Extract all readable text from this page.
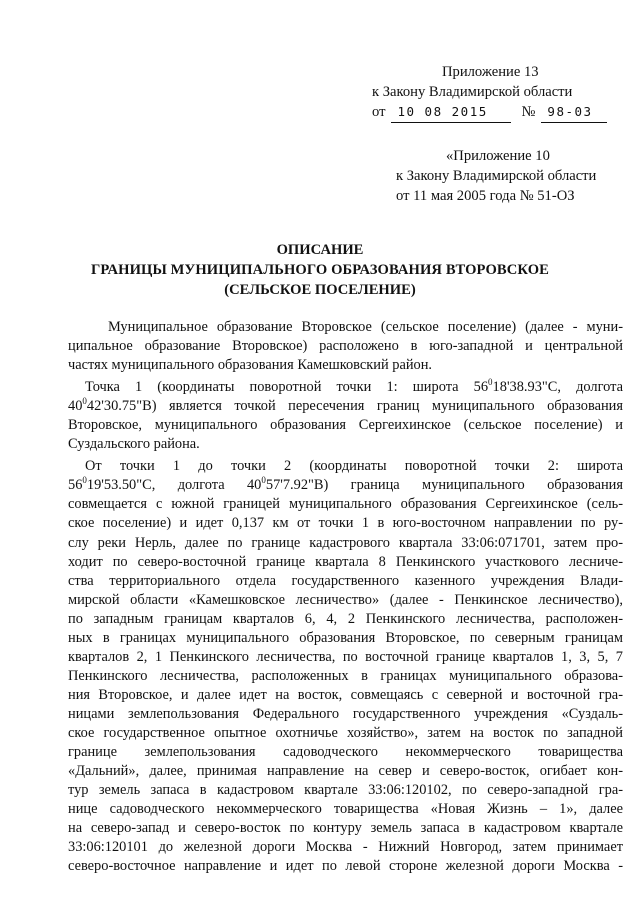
Приложение 13
к Закону Владимирской области
от 10 08 2015	№ 98-03
«Приложение 10
к Закону Владимирской области
от 11 мая 2005 года № 51-ОЗ
ОПИСАНИЕ
ГРАНИЦЫ МУНИЦИПАЛЬНОГО ОБРАЗОВАНИЯ ВТОРОВСКОЕ
(СЕЛЬСКОЕ ПОСЕЛЕНИЕ)
Муниципальное образование Второвское (сельское поселение) (далее - муни-
ципальное образование Второвское) расположено в юго-западной и центральной
частях муниципального образования Камешковский район.
Точка 1 (координаты поворотной точки 1: широта $56^018'38.93"С$, долгота
$40^042'30.75"В$) является точкой пересечения границ муниципального образования
Второвское, муниципального образования Сергеихинское (сельское поселение) и
Суздальского района.
От точки 1 до точки 2 (координаты поворотной точки 2: широта
$56^019'53.50"С$, долгота $40^057'7.92"В$) граница муниципального образования
совмещается с южной границей муниципального образования Сергеихинское (сель-
ское поселение) и идет 0,137 км от точки 1 в юго-восточном направлении по ру-
слу реки Нерль, далее по границе кадастрового квартала 33:06:071701, затем про-
ходит по северо-восточной границе квартала 8 Пенкинского участкового лесниче-
ства территориального отдела государственного казенного учреждения Влади-
мирской области «Камешковское лесничество» (далее - Пенкинское лесничество),
по западным границам кварталов 6, 4, 2 Пенкинского лесничества, расположен-
ных в границах муниципального образования Второвское, по северным границам
кварталов 2, 1 Пенкинского лесничества, по восточной границе кварталов 1, 3, 5, 7
Пенкинского лесничества, расположенных в границах муниципального образова-
ния Второвское, и далее идет на восток, совмещаясь с северной и восточной гра-
ницами землепользования Федерального государственного учреждения «Суздаль-
ское государственное опытное охотничье хозяйство», затем на восток по западной
границе землепользования садоводческого некоммерческого товарищества
«Дальний», далее, принимая направление на север и северо-восток, огибает кон-
тур земель запаса в кадастровом квартале 33:06:120102, по северо-западной гра-
нице садоводческого некоммерческого товарищества «Новая Жизнь – 1», далее
на северо-запад и северо-восток по контуру земель запаса в кадастровом квартале
33:06:120101 до железной дороги Москва - Нижний Новгород, затем принимает
северо-восточное направление и идет по левой стороне железной дороги Москва -
